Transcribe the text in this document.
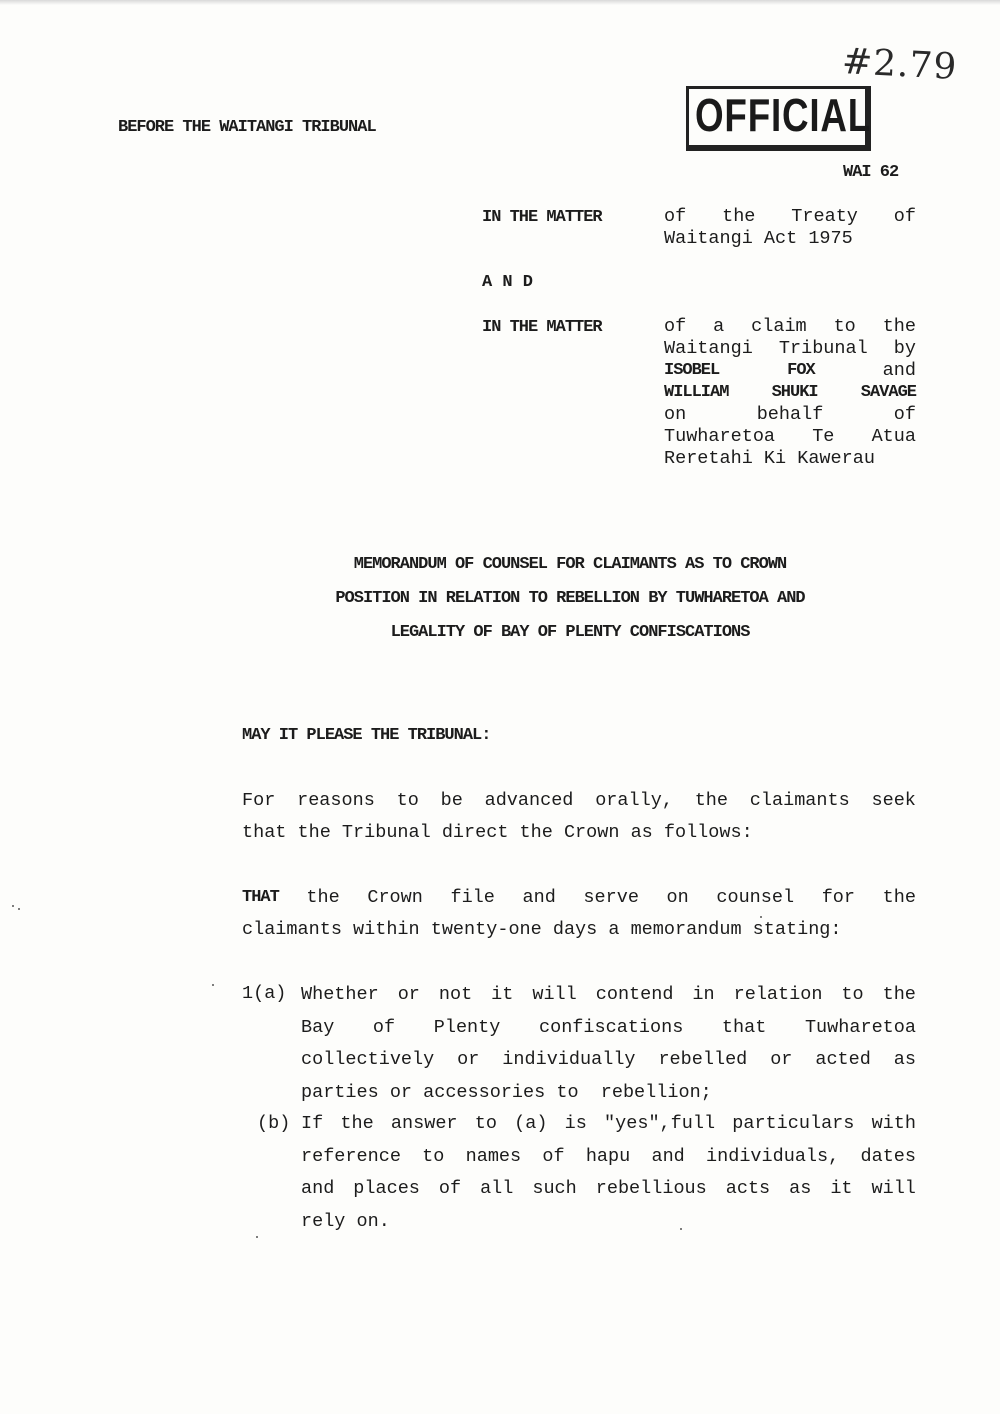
#2.79
OFFICIAL
BEFORE THE WAITANGI TRIBUNAL
WAI 62
IN THE MATTER	of the Treaty of
Waitangi Act 1975
A N D
IN THE MATTER	of a claim to the
Waitangi Tribunal by
ISOBEL	FOX	and
WILLIAM	SHUKI	SAVAGE
on	behalf	of
Tuwharetoa Te Atua
Reretahi Ki Kawerau
MEMORANDUM OF COUNSEL FOR CLAIMANTS AS TO CROWN
POSITION IN RELATION TO REBELLION BY TUWHARETOA AND
LEGALITY OF BAY OF PLENTY CONFISCATIONS
MAY IT PLEASE THE TRIBUNAL:
For reasons to be advanced orally, the claimants seek
that the Tribunal direct the Crown as follows:
THAT the Crown file and serve on counsel for the
claimants within twenty-one days a memorandum stating:
1(a) Whether or not it will contend in relation to the
Bay of Plenty confiscations that Tuwharetoa
collectively or individually rebelled or acted as
parties or accessories to  rebellion;
(b) If the answer to (a) is "yes",full particulars with
reference to names of hapu and individuals, dates
and places of all such rebellious acts as it will
rely on.
